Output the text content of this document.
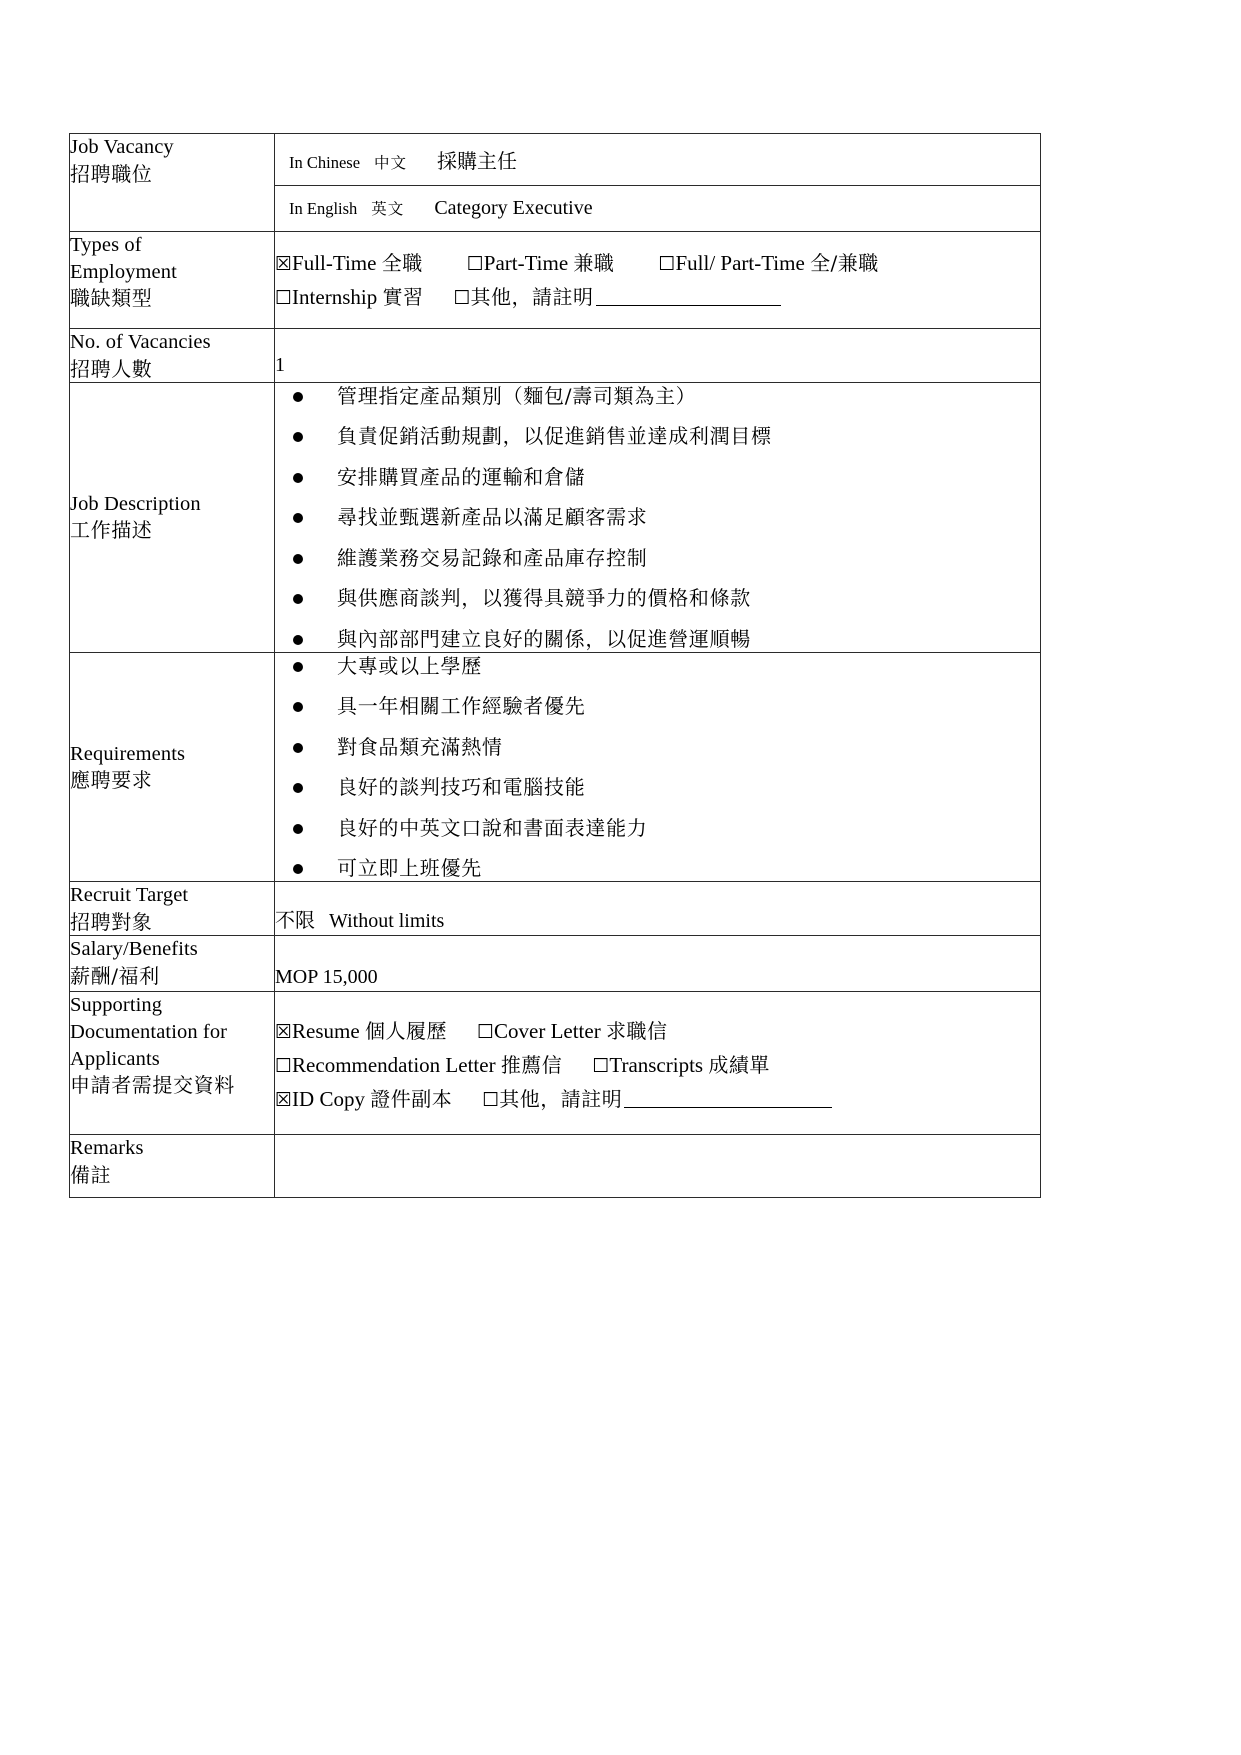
Job Vacancy
招聘職位
		In Chinese 中文 採購主任
In English 英文 Category Executive

Types of
Employment
職缺類型

☒Full-Time 全職 ☐Part-Time 兼職 ☐Full/ Part-Time 全/兼職
☐Internship 實習 ☐其他，請註明

No. of Vacancies
招聘人數	1

Job Description
工作描述

管理指定產品類別（麵包/壽司類為主）
負責促銷活動規劃，以促進銷售並達成利潤目標
安排購買產品的運輸和倉儲
尋找並甄選新產品以滿足顧客需求
維護業務交易記錄和產品庫存控制
與供應商談判，以獲得具競爭力的價格和條款
與內部部門建立良好的關係，以促進營運順暢

Requirements
應聘要求

大專或以上學歷
具一年相關工作經驗者優先
對食品類充滿熱情
良好的談判技巧和電腦技能
良好的中英文口說和書面表達能力
可立即上班優先

Recruit Target
招聘對象	不限 Without limits

Salary/Benefits
薪酬/福利	MOP 15,000

Supporting
Documentation for
Applicants
申請者需提交資料

☒Resume 個人履歷 ☐Cover Letter 求職信
☐Recommendation Letter 推薦信 ☐Transcripts 成績單
☒ID Copy 證件副本 ☐其他，請註明

Remarks
備註
